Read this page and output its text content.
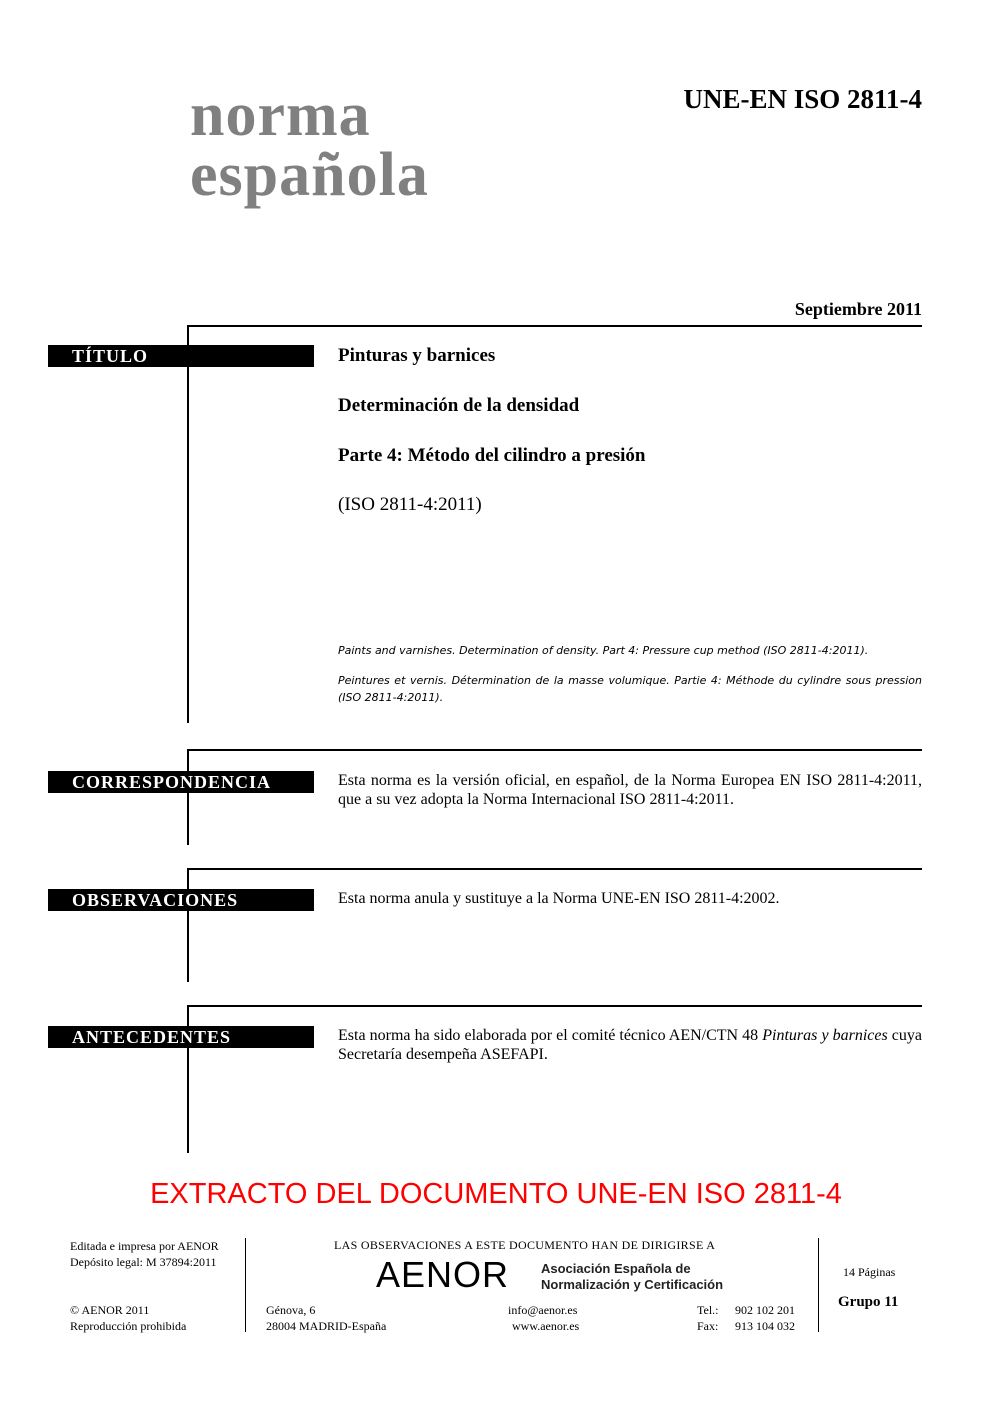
norma
española
UNE-EN ISO 2811-4
Septiembre 2011
TÍTULO	Pinturas y barnices
Determinación de la densidad
Parte 4: Método del cilindro a presión
(ISO 2811-4:2011)
Paints and varnishes. Determination of density. Part 4: Pressure cup method (ISO 2811-4:2011).
Peintures et vernis. Détermination de la masse volumique. Partie 4: Méthode du cylindre sous pression (ISO 2811-4:2011).
CORRESPONDENCIA	Esta norma es la versión oficial, en español, de la Norma Europea EN ISO 2811-4:2011, que a su vez adopta la Norma Internacional ISO 2811-4:2011.
OBSERVACIONES	Esta norma anula y sustituye a la Norma UNE-EN ISO 2811-4:2002.
ANTECEDENTES	Esta norma ha sido elaborada por el comité técnico AEN/CTN 48 Pinturas y barnices cuya Secretaría desempeña ASEFAPI.
EXTRACTO DEL DOCUMENTO UNE-EN ISO 2811-4
Editada e impresa por AENOR
Depósito legal: M 37894:2011
© AENOR 2011
Reproducción prohibida
LAS OBSERVACIONES A ESTE DOCUMENTO HAN DE DIRIGIRSE A
AENOR Asociación Española de
Normalización y Certificación
Génova, 6
28004 MADRID-España
info@aenor.es
www.aenor.es
Tel.: 902 102 201
Fax: 913 104 032
14 Páginas
Grupo 11
